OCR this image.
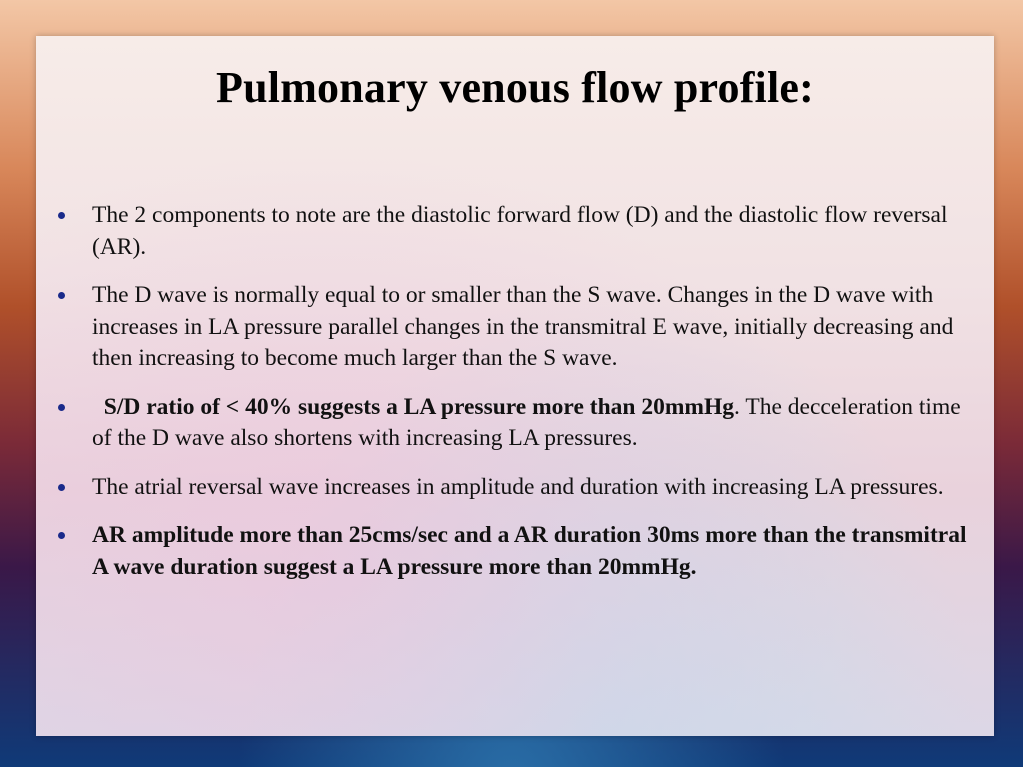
Pulmonary venous flow profile:
The 2 components to note are the diastolic forward flow (D) and the diastolic flow reversal (AR).
The D wave is normally equal to or smaller than the S wave. Changes in the D wave with increases in LA pressure parallel changes in the transmitral E wave, initially decreasing and then increasing to become much larger than the S wave.
S/D ratio of < 40% suggests a LA pressure more than 20mmHg. The decceleration time of the D wave also shortens with increasing LA pressures.
The atrial reversal wave increases in amplitude and duration with increasing LA pressures.
AR amplitude more than 25cms/sec and a AR duration 30ms more than the transmitral A wave duration suggest a LA pressure more than 20mmHg.
